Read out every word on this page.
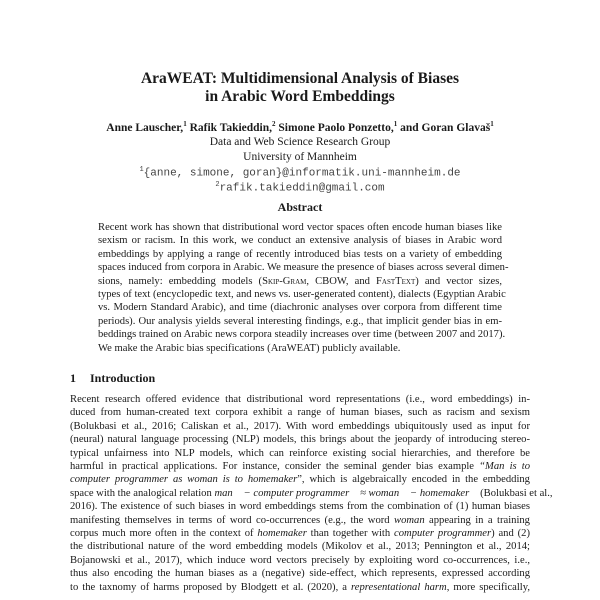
AraWEAT: Multidimensional Analysis of Biases
in Arabic Word Embeddings
Anne Lauscher,$^1$ Rafik Takieddin,$^2$ Simone Paolo Ponzetto,$^1$ and Goran Glavaš$^1$
Data and Web Science Research Group
University of Mannheim
$^1${anne, simone, goran}@informatik.uni-mannheim.de
$^2$rafik.takieddin@gmail.com
Abstract
Recent work has shown that distributional word vector spaces often encode human biases like
sexism or racism. In this work, we conduct an extensive analysis of biases in Arabic word
embeddings by applying a range of recently introduced bias tests on a variety of embedding
spaces induced from corpora in Arabic. We measure the presence of biases across several dimen-
sions, namely: embedding models (Skip-Gram, CBOW, and FastText) and vector sizes,
types of text (encyclopedic text, and news vs. user-generated content), dialects (Egyptian Arabic
vs. Modern Standard Arabic), and time (diachronic analyses over corpora from different time
periods). Our analysis yields several interesting findings, e.g., that implicit gender bias in em-
beddings trained on Arabic news corpora steadily increases over time (between 2007 and 2017).
We make the Arabic bias specifications (AraWEAT) publicly available.
1 Introduction
Recent research offered evidence that distributional word representations (i.e., word embeddings) in-
duced from human-created text corpora exhibit a range of human biases, such as racism and sexism
(Bolukbasi et al., 2016; Caliskan et al., 2017). With word embeddings ubiquitously used as input for
(neural) natural language processing (NLP) models, this brings about the jeopardy of introducing stereo-
typical unfairness into NLP models, which can reinforce existing social hierarchies, and therefore be
harmful in practical applications. For instance, consider the seminal gender bias example “Man is to
computer programmer as woman is to homemaker”, which is algebraically encoded in the embedding
space with the analogical relation man⃗ − computer programmer⃗ ≈ woman⃗ − homemaker⃗ (Bolukbasi et al.,
2016). The existence of such biases in word embeddings stems from the combination of (1) human biases
manifesting themselves in terms of word co-occurrences (e.g., the word woman appearing in a training
corpus much more often in the context of homemaker than together with computer programmer) and (2)
the distributional nature of the word embedding models (Mikolov et al., 2013; Pennington et al., 2014;
Bojanowski et al., 2017), which induce word vectors precisely by exploiting word co-occurrences, i.e.,
thus also encoding the human biases as a (negative) side-effect, which represents, expressed according
to the taxnomy of harms proposed by Blodgett et al. (2020), a representational harm, more specifically,
